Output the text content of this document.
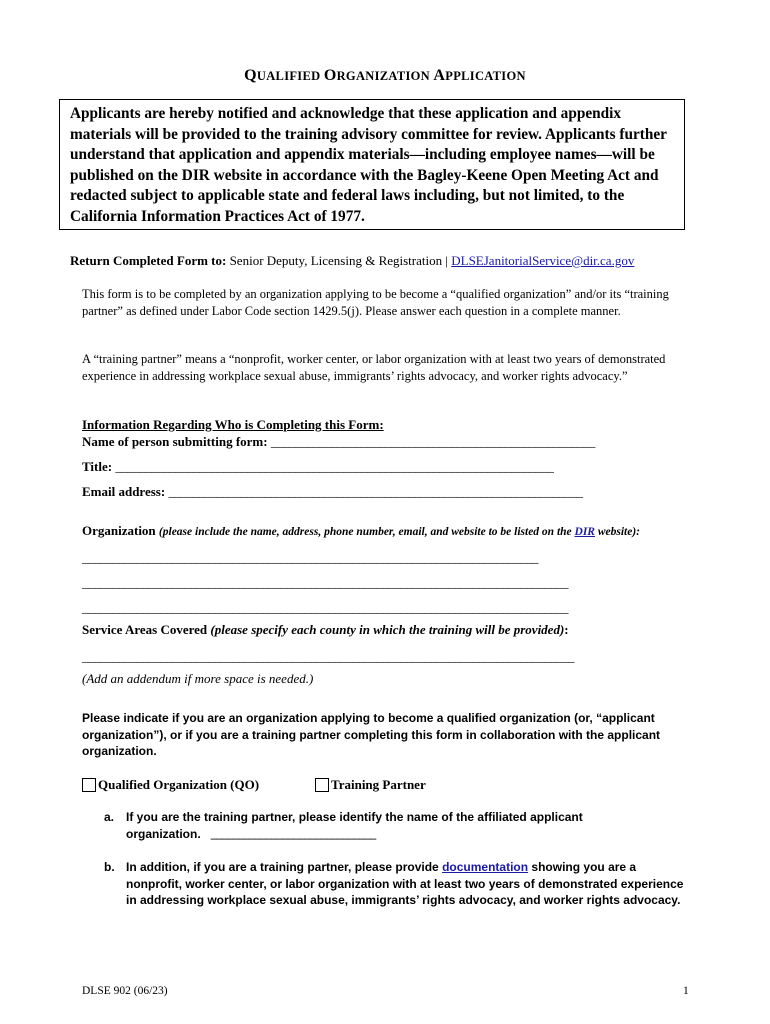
QUALIFIED ORGANIZATION APPLICATION
Applicants are hereby notified and acknowledge that these application and appendix materials will be provided to the training advisory committee for review. Applicants further understand that application and appendix materials—including employee names—will be published on the DIR website in accordance with the Bagley-Keene Open Meeting Act and redacted subject to applicable state and federal laws including, but not limited, to the California Information Practices Act of 1977.
Return Completed Form to: Senior Deputy, Licensing & Registration | DLSEJanitorialService@dir.ca.gov
This form is to be completed by an organization applying to be become a “qualified organization” and/or its “training partner” as defined under Labor Code section 1429.5(j). Please answer each question in a complete manner.
A “training partner” means a “nonprofit, worker center, or labor organization with at least two years of demonstrated experience in addressing workplace sexual abuse, immigrants’ rights advocacy, and worker rights advocacy.”
Information Regarding Who is Completing this Form:
Name of person submitting form: ______________________________________________________
Title: _________________________________________________________________________
Email address: _____________________________________________________________________
Organization (please include the name, address, phone number, email, and website to be listed on the DIR website):
____________________________________________________________________________
_________________________________________________________________________________
_________________________________________________________________________________
Service Areas Covered (please specify each county in which the training will be provided):
__________________________________________________________________________________
(Add an addendum if more space is needed.)
Please indicate if you are an organization applying to become a qualified organization (or, “applicant organization”), or if you are a training partner completing this form in collaboration with the applicant organization.
Qualified Organization (QO)	Training Partner
a. If you are the training partner, please identify the name of the affiliated applicant
organization. ______________________________
b. In addition, if you are a training partner, please provide documentation showing you are a nonprofit, worker center, or labor organization with at least two years of demonstrated experience in addressing workplace sexual abuse, immigrants’ rights advocacy, and worker rights advocacy.
DLSE 902 (06/23)	1
